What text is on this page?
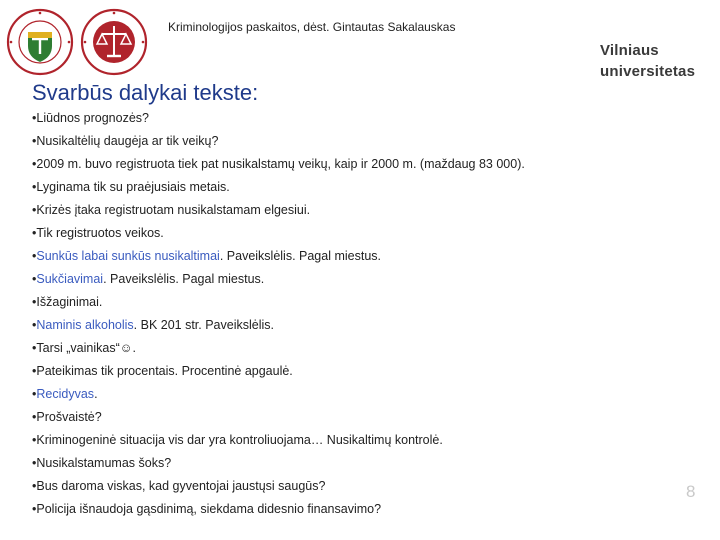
Kriminologijos paskaitos, dėst. Gintautas Sakalauskas
Vilniaus
universitetas
Svarbūs dalykai tekste:
•Liūdnos prognozės?
•Nusikaltėlių daugėja ar tik veikų?
•2009 m. buvo registruota tiek pat nusikalstamų veikų, kaip ir 2000 m. (maždaug 83 000).
•Lyginama tik su praėjusiais metais.
•Krizės įtaka registruotam nusikalstamam elgesiui.
•Tik registruotos veikos.
•Sunkūs labai sunkūs nusikaltimai. Paveikslėlis. Pagal miestus.
•Sukčiavimai. Paveikslėlis. Pagal miestus.
•Išžaginimai.
•Naminis alkoholis. BK 201 str. Paveikslėlis.
•Tarsi „vainikas“☺.
•Pateikimas tik procentais. Procentinė apgaulė.
•Recidyvas.
•Prošvaistė?
•Kriminogeninė situacija vis dar yra kontroliuojama… Nusikaltimų kontrolė.
•Nusikalstamumas šoks?
•Bus daroma viskas, kad gyventojai jaustųsi saugūs?
•Policija išnaudoja gąsdinimą, siekdama didesnio finansavimo?
8
